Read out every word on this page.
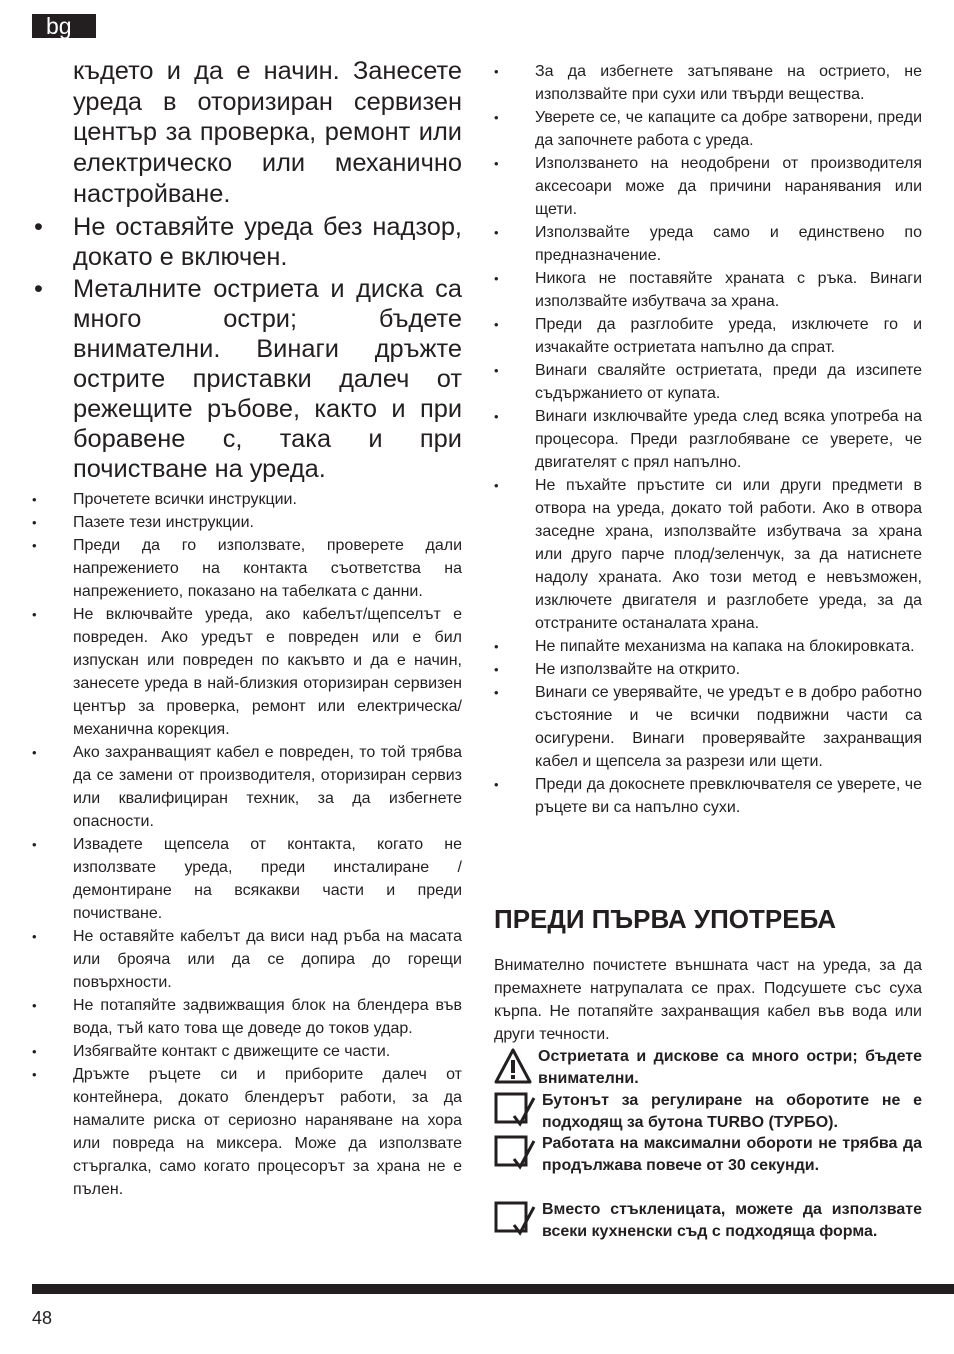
bg

където и да е начин. Занесете уреда в оторизиран сервизен център за проверка, ремонт или електрическо или механично настройване.

• Не оставяйте уреда без надзор, докато е включен.

• Металните остриета и диска са много остри; бъдете внимателни. Винаги дръжте острите приставки далеч от режещите ръбове, както и при боравене с, така и при почистване на уреда.

• Прочетете всички инструкции.

• Пазете тези инструкции.

• Преди да го използвате, проверете дали напрежението на контакта съответства на напрежението, показано на табелката с данни.

• Не включвайте уреда, ако кабелът/щепселът е повреден. Ако уредът е повреден или е бил изпускан или повреден по какъвто и да е начин, занесете уреда в най-близкия оторизиран сервизен център за проверка, ремонт или електрическа/механична корекция.

• Ако захранващият кабел е повреден, то той трябва да се замени от производителя, оторизиран сервиз или квалифициран техник, за да избегнете опасности.

• Извадете щепсела от контакта, когато не използвате уреда, преди инсталиране / демонтиране на всякакви части и преди почистване.

• Не оставяйте кабелът да виси над ръба на масата или брояча или да се допира до горещи повърхности.

• Не потапяйте задвижващия блок на блендера във вода, тъй като това ще доведе до токов удар.

• Избягвайте контакт с движещите се части.

• Дръжте ръцете си и приборите далеч от контейнера, докато блендерът работи, за да намалите риска от сериозно нараняване на хора или повреда на миксера. Може да използвате стъргалка, само когато процесорът за храна не е пълен.

• За да избегнете затъпяване на острието, не използвайте при сухи или твърди вещества.

• Уверете се, че капаците са добре затворени, преди да започнете работа с уреда.

• Използването на неодобрени от производителя аксесоари може да причини наранявания или щети.

• Използвайте уреда само и единствено по предназначение.

• Никога не поставяйте храната с ръка. Винаги използвайте избутвача за храна.

• Преди да разглобите уреда, изключете го и изчакайте остриетата напълно да спрат.

• Винаги сваляйте остриетата, преди да изсипете съдържанието от купата.

• Винаги изключвайте уреда след всяка употреба на процесора. Преди разглобяване се уверете, че двигателят с прял напълно.

• Не пъхайте пръстите си или други предмети в отвора на уреда, докато той работи. Ако в отвора заседне храна, използвайте избутвача за храна или друго парче плод/зеленчук, за да натиснете надолу храната. Ако този метод е невъзможен, изключете двигателя и разглобете уреда, за да отстраните останалата храна.

• Не пипайте механизма на капака на блокировката.

• Не използвайте на открито.

• Винаги се уверявайте, че уредът е в добро работно състояние и че всички подвижни части са осигурени. Винаги проверявайте захранващия кабел и щепсела за разрези или щети.

• Преди да докоснете превключвателя се уверете, че ръцете ви са напълно сухи.

ПРЕДИ ПЪРВА УПОТРЕБА

Внимателно почистете външната част на уреда, за да премахнете натрупалата се прах. Подсушете със суха кърпа. Не потапяйте захранващия кабел във вода или други течности.

Остриетата и дискове са много остри; бъдете внимателни.
Бутонът за регулиране на оборотите не е подходящ за бутона TURBO (ТУРБО).
Работата на максимални обороти не трябва да продължава повече от 30 секунди.
Вместо стъкленицата, можете да използвате всеки кухненски съд с подходяща форма.
48
